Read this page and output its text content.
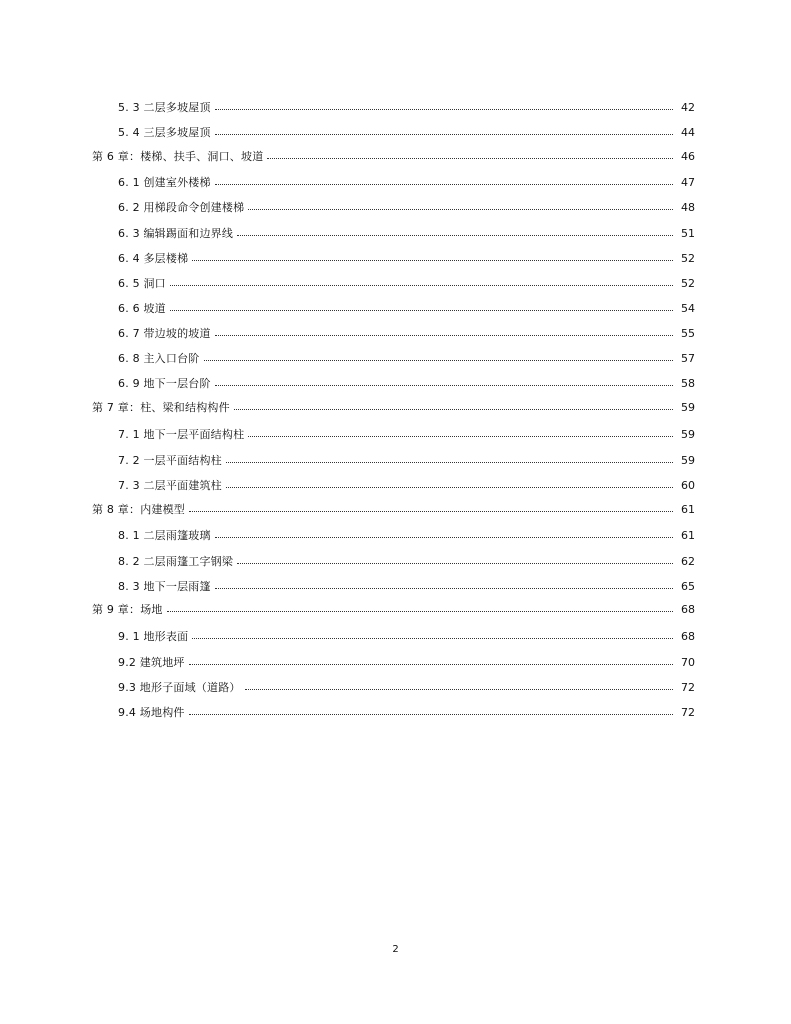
5. 3 二层多坡屋顶	42
5. 4 三层多坡屋顶	44
第 6 章：楼梯、扶手、洞口、坡道	46
6. 1 创建室外楼梯	47
6. 2 用梯段命令创建楼梯	48
6. 3 编辑踢面和边界线	51
6. 4 多层楼梯	52
6. 5 洞口	52
6. 6 坡道	54
6. 7 带边坡的坡道	55
6. 8 主入口台阶	57
6. 9 地下一层台阶	58
第 7 章：柱、梁和结构构件	59
7. 1 地下一层平面结构柱	59
7. 2 一层平面结构柱	59
7. 3 二层平面建筑柱	60
第 8 章：内建模型	61
8. 1 二层雨篷玻璃	61
8. 2 二层雨篷工字钢梁	62
8. 3 地下一层雨篷	65
第 9 章：场地	68
9. 1 地形表面	68
9.2 建筑地坪	70
9.3 地形子面域（道路）	72
9.4 场地构件	72
2
